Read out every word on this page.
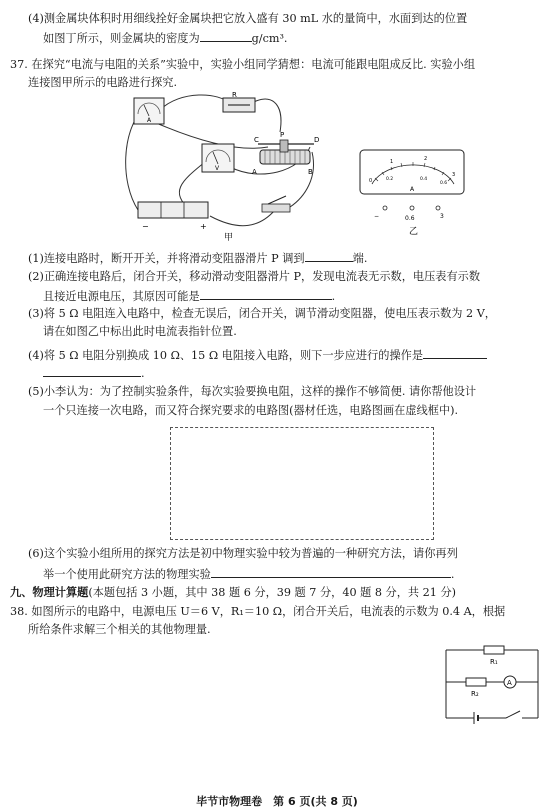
(4)测金属块体积时用细线拴好金属块把它放入盛有 30 mL 水的量筒中，水面到达的位置
如图丁所示，则金属块的密度为	g/cm³.
37. 在探究“电流与电阻的关系”实验中，实验小组同学猜想：电流可能跟电阻成反比. 实验小组
连接图甲所示的电路进行探究.
A
R
V
C
P
D
A	B
−	+
甲
0
1	2
3
0.2	0.4
0.6
A
−	0.6	3
乙
(1)连接电路时，断开开关，并将滑动变阻器滑片 P 调到	端.
(2)正确连接电路后，闭合开关，移动滑动变阻器滑片 P，发现电流表无示数，电压表有示数
且接近电源电压，其原因可能是	.
(3)将 5 Ω 电阻连入电路中，检查无误后，闭合开关，调节滑动变阻器，使电压表示数为 2 V，
请在如图乙中标出此时电流表指针位置.
(4)将 5 Ω 电阻分别换成 10 Ω、15 Ω 电阻接入电路，则下一步应进行的操作是
.
(5)小李认为：为了控制实验条件，每次实验要换电阻，这样的操作不够简便. 请你帮他设计
一个只连接一次电路，而又符合探究要求的电路图(器材任选，电路图画在虚线框中).
(6)这个实验小组所用的探究方法是初中物理实验中较为普遍的一种研究方法，请你再列
举一个使用此研究方法的物理实验	.
九、物理计算题(本题包括 3 小题，其中 38 题 6 分，39 题 7 分，40 题 8 分，共 21 分)
38. 如图所示的电路中，电源电压 U＝6 V，R₁＝10 Ω，闭合开关后，电流表的示数为 0.4 A，根据
所给条件求解三个相关的其他物理量.
R₁
A
R₂
毕节市物理卷　第 6 页(共 8 页)
